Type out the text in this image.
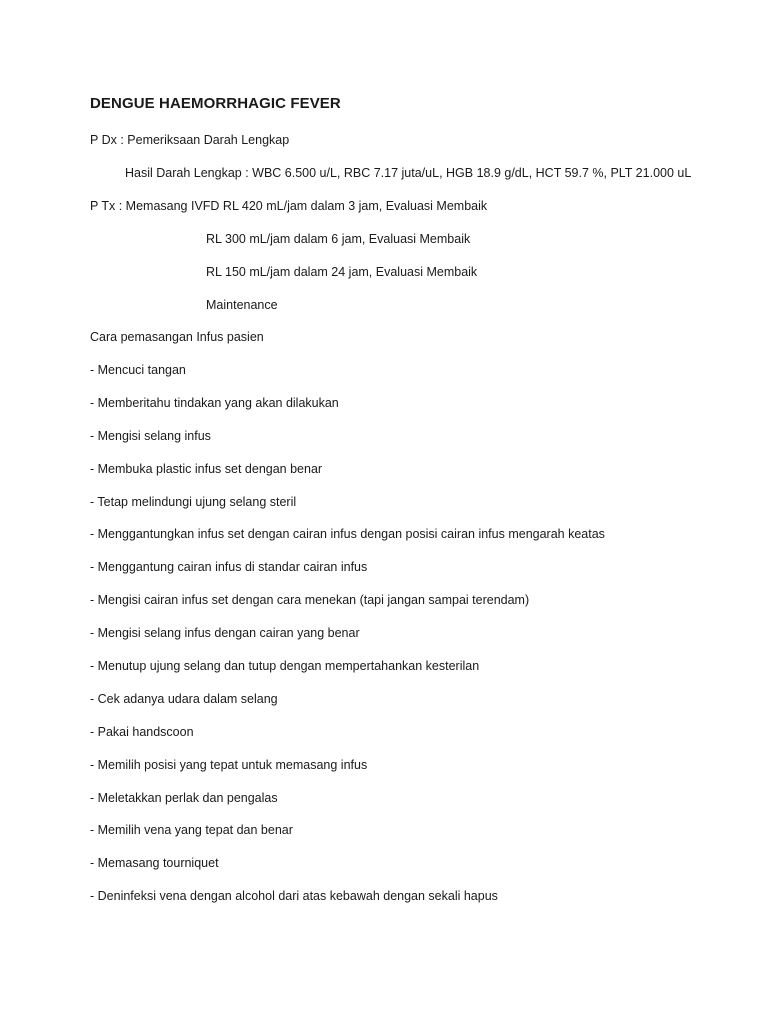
DENGUE HAEMORRHAGIC FEVER
P Dx : Pemeriksaan Darah Lengkap
Hasil Darah Lengkap : WBC 6.500 u/L, RBC 7.17 juta/uL, HGB 18.9 g/dL, HCT 59.7 %, PLT 21.000 uL
P Tx : Memasang IVFD RL 420 mL/jam dalam 3 jam, Evaluasi Membaik
RL 300 mL/jam dalam 6 jam, Evaluasi Membaik
RL 150 mL/jam dalam 24 jam, Evaluasi Membaik
Maintenance
Cara pemasangan Infus pasien
- Mencuci tangan
- Memberitahu tindakan yang akan dilakukan
- Mengisi selang infus
- Membuka plastic infus set dengan benar
- Tetap melindungi ujung selang steril
- Menggantungkan infus set dengan cairan infus dengan posisi cairan infus mengarah keatas
- Menggantung cairan infus di standar cairan infus
- Mengisi cairan infus set dengan cara menekan (tapi jangan sampai terendam)
- Mengisi selang infus dengan cairan yang benar
- Menutup ujung selang dan tutup dengan mempertahankan kesterilan
- Cek adanya udara dalam selang
- Pakai handscoon
- Memilih posisi yang tepat untuk memasang infus
- Meletakkan perlak dan pengalas
- Memilih vena yang tepat dan benar
- Memasang tourniquet
- Deninfeksi vena dengan alcohol dari atas kebawah dengan sekali hapus
